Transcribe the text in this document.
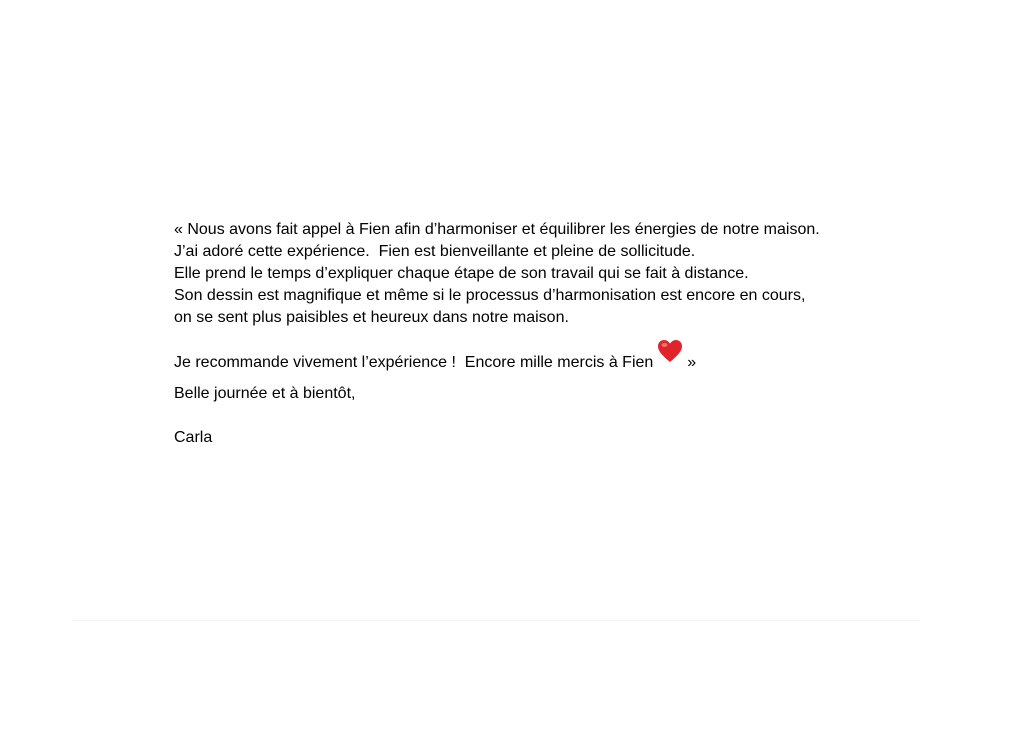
« Nous avons fait appel à Fien afin d’harmoniser et équilibrer les énergies de notre maison.
J’ai adoré cette expérience.  Fien est bienveillante et pleine de sollicitude.
Elle prend le temps d’expliquer chaque étape de son travail qui se fait à distance.
Son dessin est magnifique et même si le processus d’harmonisation est encore en cours,
on se sent plus paisibles et heureux dans notre maison.
Je recommande vivement l’expérience !  Encore mille mercis à Fien »
Belle journée et à bientôt,
Carla
